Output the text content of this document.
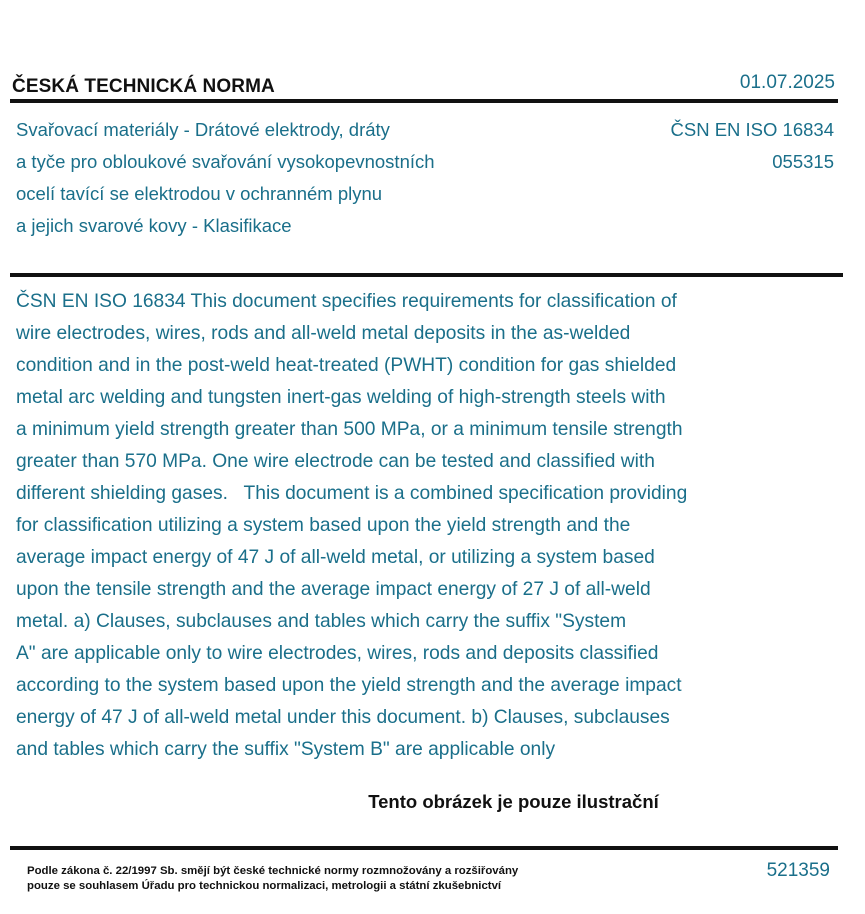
ČESKÁ TECHNICKÁ NORMA	01.07.2025
Svařovací materiály - Drátové elektrody, dráty
a tyče pro obloukové svařování vysokopevnostních
ocelí tavící se elektrodou v ochranném plynu
a jejich svarové kovy - Klasifikace
ČSN EN ISO 16834
055315
ČSN EN ISO 16834 This document specifies requirements for classification of
wire electrodes, wires, rods and all-weld metal deposits in the as-welded
condition and in the post-weld heat-treated (PWHT) condition for gas shielded
metal arc welding and tungsten inert-gas welding of high-strength steels with
a minimum yield strength greater than 500 MPa, or a minimum tensile strength
greater than 570 MPa. One wire electrode can be tested and classified with
different shielding gases.   This document is a combined specification providing
for classification utilizing a system based upon the yield strength and the
average impact energy of 47 J of all-weld metal, or utilizing a system based
upon the tensile strength and the average impact energy of 27 J of all-weld
metal. a) Clauses, subclauses and tables which carry the suffix "System
A" are applicable only to wire electrodes, wires, rods and deposits classified
according to the system based upon the yield strength and the average impact
energy of 47 J of all-weld metal under this document. b) Clauses, subclauses
and tables which carry the suffix "System B" are applicable only
Tento obrázek je pouze ilustrační
Podle zákona č. 22/1997 Sb. smějí být české technické normy rozmnožovány a rozšiřovány
pouze se souhlasem Úřadu pro technickou normalizaci, metrologii a státní zkušebnictví
521359
